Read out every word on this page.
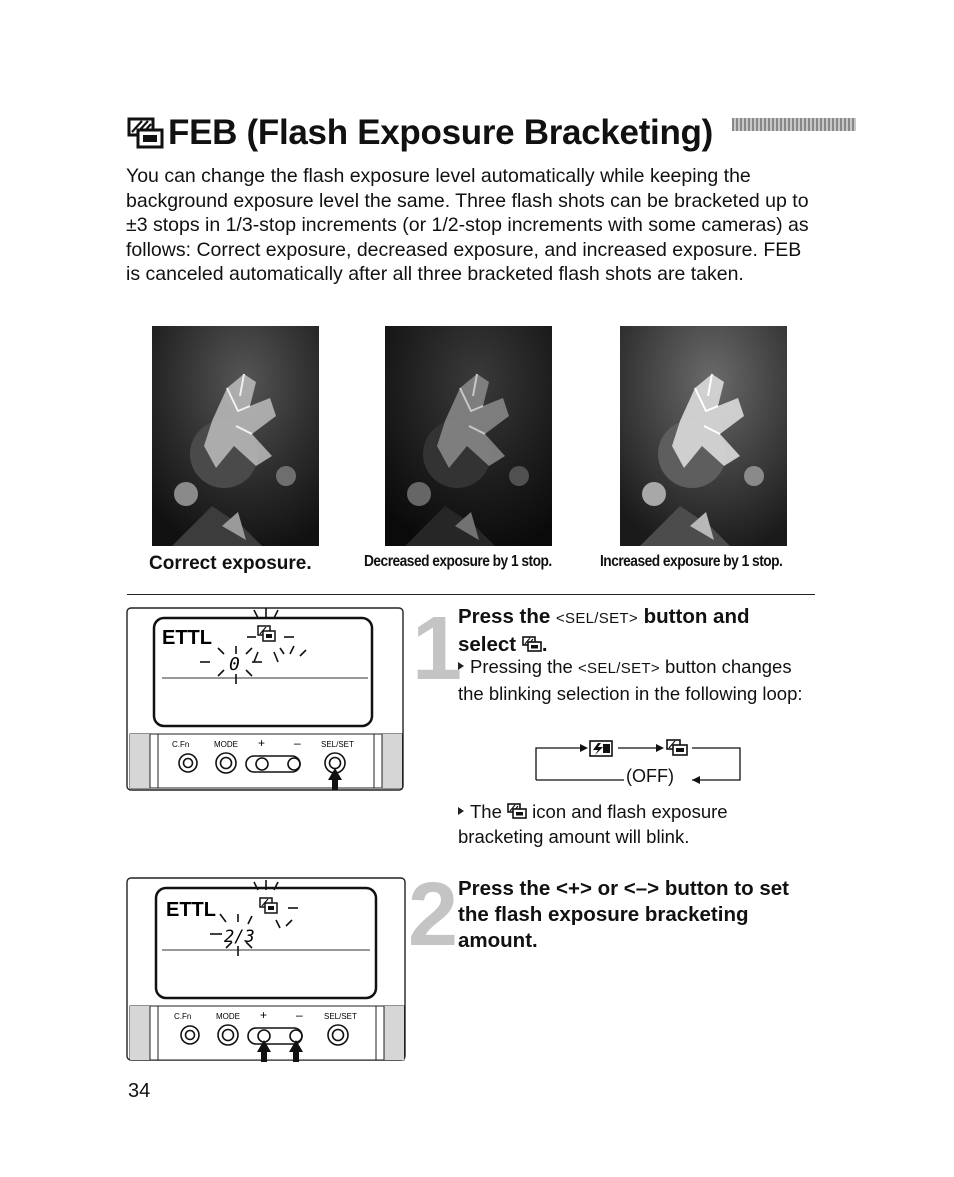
FEB (Flash Exposure Bracketing)
You can change the flash exposure level automatically while keeping the background exposure level the same. Three flash shots can be bracketed up to ±3 stops in 1/3-stop increments (or 1/2-stop increments with some cameras) as follows: Correct exposure, decreased exposure, and increased exposure. FEB is canceled automatically after all three bracketed flash shots are taken.
Correct exposure.	Decreased exposure by 1 stop.	Increased exposure by 1 stop.
ETTL
0
C.Fn	MODE + –	SEL/SET
ETTL
2/3
C.Fn	MODE + –	SEL/SET
1
Press the <SEL/SET> button and
select .
Pressing the <SEL/SET> button changes the blinking selection in the following loop:
(OFF)
The  icon and flash exposure bracketing amount will blink.
2 Press the <+> or <–> button to set the flash exposure bracketing amount.
34
